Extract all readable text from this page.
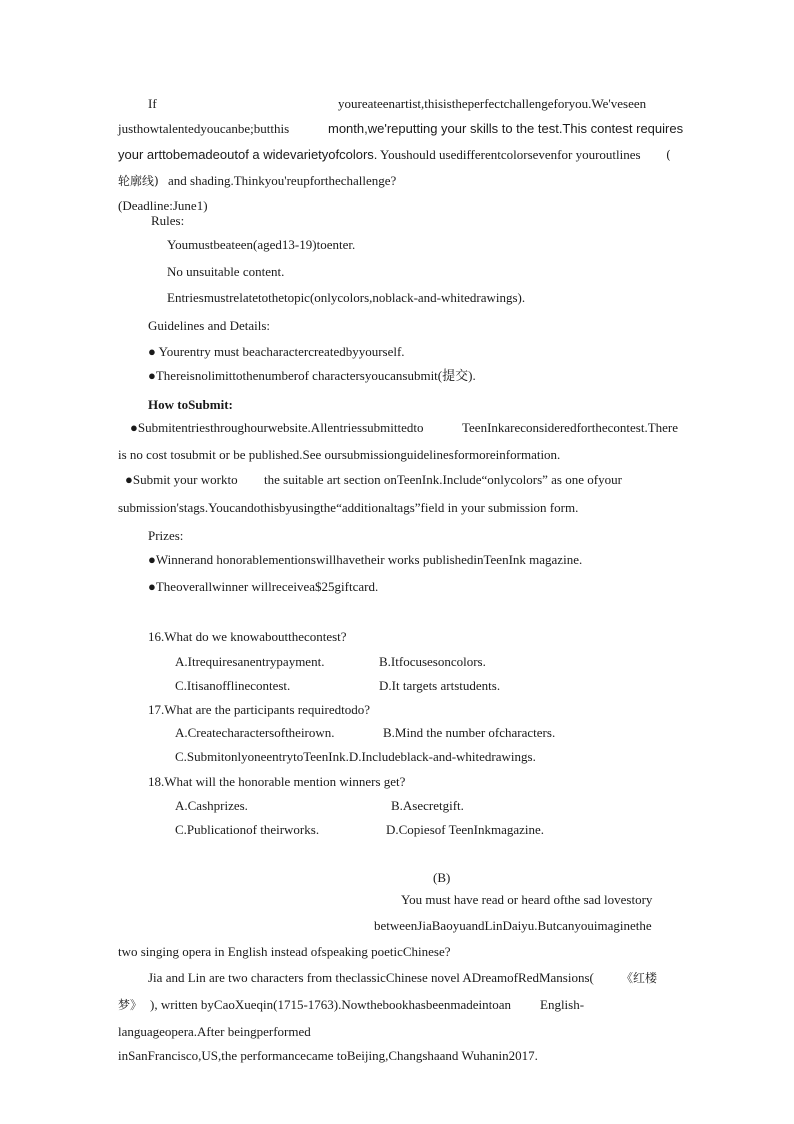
If	youreateenartist,thisistheperfectchallengeforyou.We'veseen
justhowtalentedyoucanbe;butthis	month,we'reputting your skills to the test.This contest requires
your arttobemadeoutof a widevarietyofcolors. Youshould usedifferentcolorsevenfor youroutlines (
轮廓线) and shading.Thinkyou'reupforthechallenge?
(Deadline:June1)
Rules:
Youmustbeateen(aged13-19)toenter.
No unsuitable content.
Entriesmustrelatetothetopic(onlycolors,noblack-and-whitedrawings).
Guidelines and Details:
● Yourentry must beacharactercreatedbyyourself.
●Thereisnolimittothenumberof charactersyoucansubmit(提交).
How toSubmit:
●Submitentriesthroughourwebsite.Allentriessubmittedto	TeenInkareconsideredforthecontest.There
is no cost tosubmit or be published.See oursubmissionguidelinesformoreinformation.
●Submit your workto the suitable art section onTeenInk.Include“onlycolors” as one ofyour
submission'stags.Youcandothisbyusingthe“additionaltags”field in your submission form.
Prizes:
●Winnerand honorablementionswillhavetheir works publishedinTeenInk magazine.
●Theoverallwinner willreceivea$25giftcard.
16.What do we knowaboutthecontest?
A.Itrequiresanentrypayment.	B.Itfocusesoncolors.
C.Itisanofflinecontest.	D.It targets artstudents.
17.What are the participants requiredtodo?
A.Createcharactersoftheirown.	B.Mind the number ofcharacters.
C.SubmitonlyoneentrytoTeenInk.D.Includeblack-and-whitedrawings.
18.What will the honorable mention winners get?
A.Cashprizes.	B.Asecretgift.
C.Publicationof theirworks.	D.Copiesof TeenInkmagazine.
(B)
You must have read or heard ofthe sad lovestory
betweenJiaBaoyuandLinDaiyu.Butcanyouimaginethe
two singing opera in English instead ofspeaking poeticChinese?
Jia and Lin are two characters from theclassicChinese novel ADreamofRedMansions( 《红楼
梦》 ), written byCaoXueqin(1715-1763).Nowthebookhasbeenmadeintoan English-
languageopera.After beingperformed
inSanFrancisco,US,the performancecame toBeijing,Changshaand Wuhanin2017.
